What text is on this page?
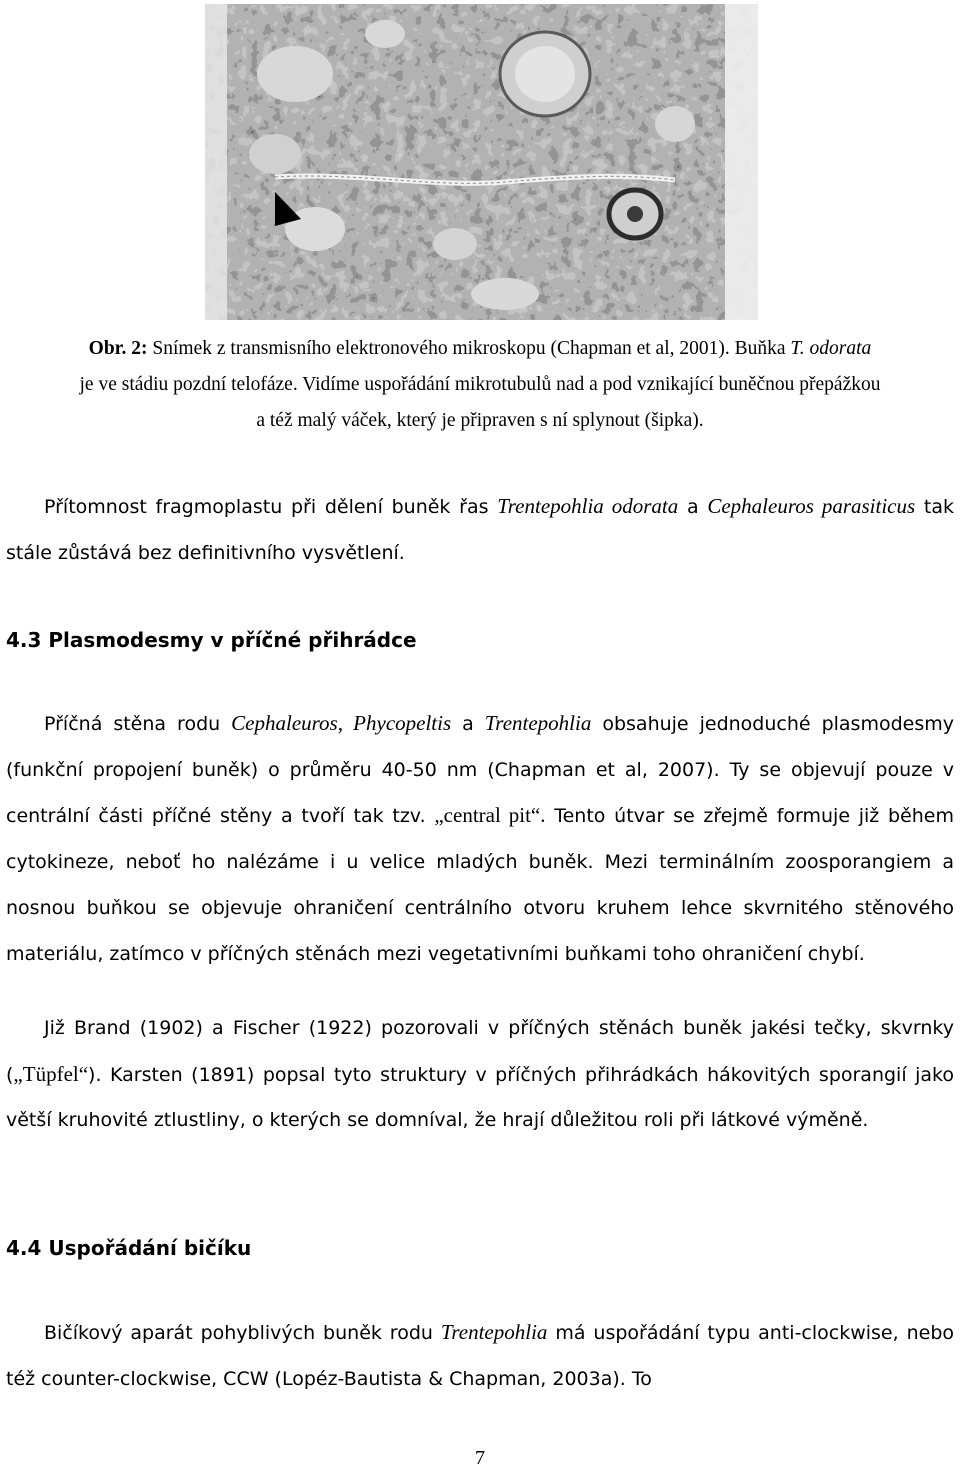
Obr. 2: Snímek z transmisního elektronového mikroskopu (Chapman et al, 2001). Buňka T. odorata
je ve stádiu pozdní telofáze. Vidíme uspořádání mikrotubulů nad a pod vznikající buněčnou přepážkou
a též malý váček, který je připraven s ní splynout (šipka).
Přítomnost fragmoplastu při dělení buněk řas Trentepohlia odorata a Cephaleuros parasiticus tak stále zůstává bez definitivního vysvětlení.
4.3 Plasmodesmy v příčné přihrádce
Příčná stěna rodu Cephaleuros, Phycopeltis a Trentepohlia obsahuje jednoduché plasmodesmy (funkční propojení buněk) o průměru 40-50 nm (Chapman et al, 2007). Ty se objevují pouze v centrální části příčné stěny a tvoří tak tzv. „central pit“. Tento útvar se zřejmě formuje již během cytokineze, neboť ho nalézáme i u velice mladých buněk. Mezi terminálním zoosporangiem a nosnou buňkou se objevuje ohraničení centrálního otvoru kruhem lehce skvrnitého stěnového materiálu, zatímco v příčných stěnách mezi vegetativními buňkami toho ohraničení chybí.
Již Brand (1902) a Fischer (1922) pozorovali v příčných stěnách buněk jakési tečky, skvrnky („Tüpfel“). Karsten (1891) popsal tyto struktury v příčných přihrádkách hákovitých sporangií jako větší kruhovité ztlustliny, o kterých se domníval, že hrají důležitou roli při látkové výměně.
4.4 Uspořádání bičíku
Bičíkový aparát pohyblivých buněk rodu Trentepohlia má uspořádání typu anti-clockwise, nebo též counter-clockwise, CCW (Lopéz-Bautista & Chapman, 2003a). To
7
